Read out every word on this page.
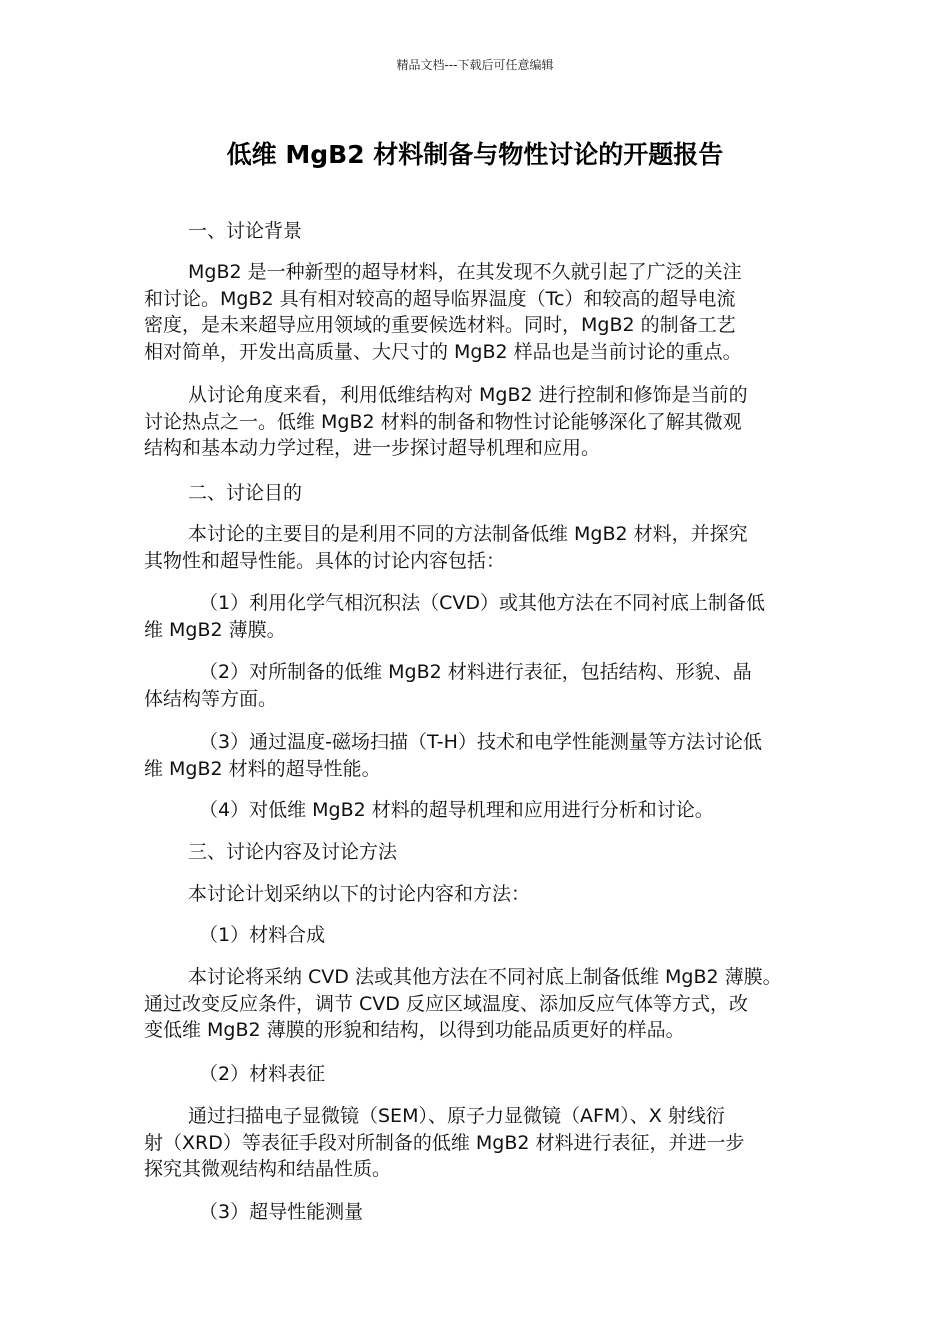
精品文档---下载后可任意编辑
低维 MgB2 材料制备与物性讨论的开题报告
一、讨论背景
MgB2 是一种新型的超导材料，在其发现不久就引起了广泛的关注
和讨论。MgB2 具有相对较高的超导临界温度（Tc）和较高的超导电流
密度，是未来超导应用领域的重要候选材料。同时，MgB2 的制备工艺
相对简单，开发出高质量、大尺寸的 MgB2 样品也是当前讨论的重点。
从讨论角度来看，利用低维结构对 MgB2 进行控制和修饰是当前的
讨论热点之一。低维 MgB2 材料的制备和物性讨论能够深化了解其微观
结构和基本动力学过程，进一步探讨超导机理和应用。
二、讨论目的
本讨论的主要目的是利用不同的方法制备低维 MgB2 材料，并探究
其物性和超导性能。具体的讨论内容包括：
（1）利用化学气相沉积法（CVD）或其他方法在不同衬底上制备低
维 MgB2 薄膜。
（2）对所制备的低维 MgB2 材料进行表征，包括结构、形貌、晶
体结构等方面。
（3）通过温度-磁场扫描（T-H）技术和电学性能测量等方法讨论低
维 MgB2 材料的超导性能。
（4）对低维 MgB2 材料的超导机理和应用进行分析和讨论。
三、讨论内容及讨论方法
本讨论计划采纳以下的讨论内容和方法：
（1）材料合成
本讨论将采纳 CVD 法或其他方法在不同衬底上制备低维 MgB2 薄膜。
通过改变反应条件，调节 CVD 反应区域温度、添加反应气体等方式，改
变低维 MgB2 薄膜的形貌和结构，以得到功能品质更好的样品。
（2）材料表征
通过扫描电子显微镜（SEM）、原子力显微镜（AFM）、X 射线衍
射（XRD）等表征手段对所制备的低维 MgB2 材料进行表征，并进一步
探究其微观结构和结晶性质。
（3）超导性能测量
